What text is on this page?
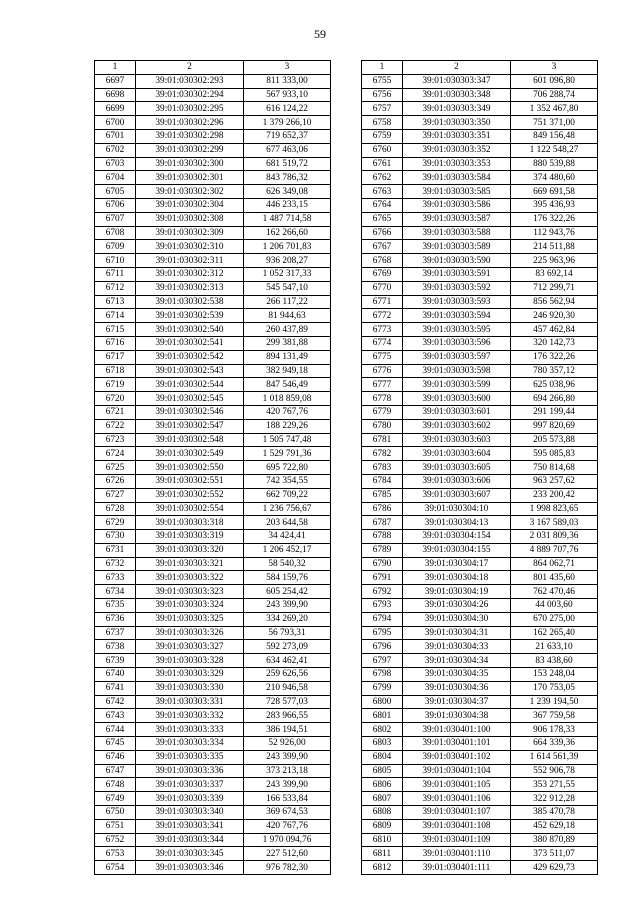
59
1	2	3
6697	39:01:030302:293	811 333,00
6698	39:01:030302:294	567 933,10
6699	39:01:030302:295	616 124,22
6700	39:01:030302:296	1 379 266,10
6701	39:01:030302:298	719 652,37
6702	39:01:030302:299	677 463,06
6703	39:01:030302:300	681 519,72
6704	39:01:030302:301	843 786,32
6705	39:01:030302:302	626 349,08
6706	39:01:030302:304	446 233,15
6707	39:01:030302:308	1 487 714,58
6708	39:01:030302:309	162 266,60
6709	39:01:030302:310	1 206 701,83
6710	39:01:030302:311	936 208,27
6711	39:01:030302:312	1 052 317,33
6712	39:01:030302:313	545 547,10
6713	39:01:030302:538	266 117,22
6714	39:01:030302:539	81 944,63
6715	39:01:030302:540	260 437,89
6716	39:01:030302:541	299 381,88
6717	39:01:030302:542	894 131,49
6718	39:01:030302:543	382 949,18
6719	39:01:030302:544	847 546,49
6720	39:01:030302:545	1 018 859,08
6721	39:01:030302:546	420 767,76
6722	39:01:030302:547	188 229,26
6723	39:01:030302:548	1 505 747,48
6724	39:01:030302:549	1 529 791,36
6725	39:01:030302:550	695 722,80
6726	39:01:030302:551	742 354,55
6727	39:01:030302:552	662 709,22
6728	39:01:030302:554	1 236 756,67
6729	39:01:030303:318	203 644,58
6730	39:01:030303:319	34 424,41
6731	39:01:030303:320	1 206 452,17
6732	39:01:030303:321	58 540,32
6733	39:01:030303:322	584 159,76
6734	39:01:030303:323	605 254,42
6735	39:01:030303:324	243 399,90
6736	39:01:030303:325	334 269,20
6737	39:01:030303:326	56 793,31
6738	39:01:030303:327	592 273,09
6739	39:01:030303:328	634 462,41
6740	39:01:030303:329	259 626,56
6741	39:01:030303:330	210 946,58
6742	39:01:030303:331	728 577,03
6743	39:01:030303:332	283 966,55
6744	39:01:030303:333	386 194,51
6745	39:01:030303:334	52 926,00
6746	39:01:030303:335	243 399,90
6747	39:01:030303:336	373 213,18
6748	39:01:030303:337	243 399,90
6749	39:01:030303:339	166 533,84
6750	39:01:030303:340	369 674,53
6751	39:01:030303:341	420 767,76
6752	39:01:030303:344	1 970 094,76
6753	39:01:030303:345	227 512,60
6754	39:01:030303:346	976 782,30
1	2	3
6755	39:01:030303:347	601 096,80
6756	39:01:030303:348	706 288,74
6757	39:01:030303:349	1 352 467,80
6758	39:01:030303:350	751 371,00
6759	39:01:030303:351	849 156,48
6760	39:01:030303:352	1 122 548,27
6761	39:01:030303:353	880 539,88
6762	39:01:030303:584	374 480,60
6763	39:01:030303:585	669 691,58
6764	39:01:030303:586	395 436,93
6765	39:01:030303:587	176 322,26
6766	39:01:030303:588	112 943,76
6767	39:01:030303:589	214 511,88
6768	39:01:030303:590	225 963,96
6769	39:01:030303:591	83 692,14
6770	39:01:030303:592	712 299,71
6771	39:01:030303:593	856 562,94
6772	39:01:030303:594	246 920,30
6773	39:01:030303:595	457 462,84
6774	39:01:030303:596	320 142,73
6775	39:01:030303:597	176 322,26
6776	39:01:030303:598	780 357,12
6777	39:01:030303:599	625 038,96
6778	39:01:030303:600	694 266,80
6779	39:01:030303:601	291 199,44
6780	39:01:030303:602	997 820,69
6781	39:01:030303:603	205 573,88
6782	39:01:030303:604	595 085,83
6783	39:01:030303:605	750 814,68
6784	39:01:030303:606	963 257,62
6785	39:01:030303:607	233 200,42
6786	39:01:030304:10	1 998 823,65
6787	39:01:030304:13	3 167 589,03
6788	39:01:030304:154	2 031 809,36
6789	39:01:030304:155	4 889 707,76
6790	39:01:030304:17	864 062,71
6791	39:01:030304:18	801 435,60
6792	39:01:030304:19	762 470,46
6793	39:01:030304:26	44 003,60
6794	39:01:030304:30	670 275,00
6795	39:01:030304:31	162 265,40
6796	39:01:030304:33	21 633,10
6797	39:01:030304:34	83 438,60
6798	39:01:030304:35	153 248,04
6799	39:01:030304:36	170 753,05
6800	39:01:030304:37	1 239 194,50
6801	39:01:030304:38	367 759,58
6802	39:01:030401:100	906 178,33
6803	39:01:030401:101	664 339,36
6804	39:01:030401:102	1 614 561,39
6805	39:01:030401:104	552 906,78
6806	39:01:030401:105	353 271,55
6807	39:01:030401:106	322 912,28
6808	39:01:030401:107	385 470,78
6809	39:01:030401:108	452 629,18
6810	39:01:030401:109	380 870,89
6811	39:01:030401:110	373 511,07
6812	39:01:030401:111	429 629,73
